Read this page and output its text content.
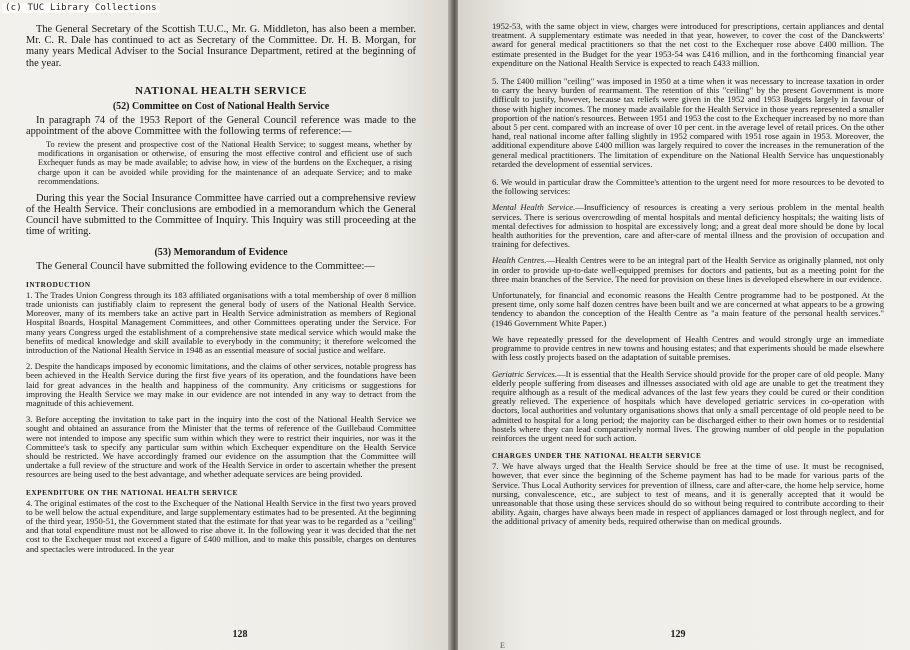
The General Secretary of the Scottish T.U.C., Mr. G. Middleton, has also been a member. Mr. C. R. Dale has continued to act as Secretary of the Committee. Dr. H. B. Morgan, for many years Medical Adviser to the Social Insurance Department, retired at the beginning of the year.

NATIONAL HEALTH SERVICE
(52) Committee on Cost of National Health Service

In paragraph 74 of the 1953 Report of the General Council reference was made to the appointment of the above Committee with the following terms of reference:—

To review the present and prospective cost of the National Health Service; to suggest means, whether by modifications in organisation or otherwise, of ensuring the most effective control and efficient use of such Exchequer funds as may be made available; to advise how, in view of the burdens on the Exchequer, a rising charge upon it can be avoided while providing for the maintenance of an adequate Service; and to make recommendations.

During this year the Social Insurance Committee have carried out a comprehensive review of the Health Service. Their conclusions are embodied in a memorandum which the General Council have submitted to the Committee of Inquiry. This Inquiry was still proceeding at the time of writing.

(53) Memorandum of Evidence

The General Council have submitted the following evidence to the Committee:—

INTRODUCTION

1. The Trades Union Congress through its 183 affiliated organisations with a total membership of over 8 million trade unionists can justifiably claim to represent the general body of users of the National Health Service. Moreover, many of its members take an active part in Health Service administration as members of Regional Hospital Boards, Hospital Management Committees, and other Committees operating under the Service. For many years Congress urged the establishment of a comprehensive state medical service which would make the benefits of medical knowledge and skill available to everybody in the community; it therefore welcomed the introduction of the National Health Service in 1948 as an essential measure of social justice and welfare.

2. Despite the handicaps imposed by economic limitations, and the claims of other services, notable progress has been achieved in the Health Service during the first five years of its operation, and the foundations have been laid for great advances in the health and happiness of the community. Any criticisms or suggestions for improving the Health Service we may make in our evidence are not intended in any way to detract from the magnitude of this achievement.

3. Before accepting the invitation to take part in the inquiry into the cost of the National Health Service we sought and obtained an assurance from the Minister that the terms of reference of the Guillebaud Committee were not intended to impose any specific sum within which they were to restrict their inquiries, nor was it the Committee's task to specify any particular sum within which Exchequer expenditure on the Health Service should be restricted. We have accordingly framed our evidence on the assumption that the Committee will undertake a full review of the structure and work of the Health Service in order to ascertain whether the present resources are being used to the best advantage, and whether adequate services are being provided.

EXPENDITURE ON THE NATIONAL HEALTH SERVICE

4. The original estimates of the cost to the Exchequer of the National Health Service in the first two years proved to be well below the actual expenditure, and large supplementary estimates had to be presented. At the beginning of the third year, 1950-51, the Government stated that the estimate for that year was to be regarded as a "ceiling" and that total expenditure must not be allowed to rise above it. In the following year it was decided that the net cost to the Exchequer must not exceed a figure of £400 million, and to make this possible, charges on dentures and spectacles were introduced. In the year

128

1952-53, with the same object in view, charges were introduced for prescriptions, certain appliances and dental treatment. A supplementary estimate was needed in that year, however, to cover the cost of the Danckwerts' award for general medical practitioners so that the net cost to the Exchequer rose above £400 million. The estimate presented in the Budget for the year 1953-54 was £416 million, and in the forthcoming financial year expenditure on the National Health Service is expected to reach £433 million.

5. The £400 million "ceiling" was imposed in 1950 at a time when it was necessary to increase taxation in order to carry the heavy burden of rearmament. The retention of this "ceiling" by the present Government is more difficult to justify, however, because tax reliefs were given in the 1952 and 1953 Budgets largely in favour of those with higher incomes. The money made available for the Health Service in those years represented a smaller proportion of the nation's resources. Between 1951 and 1953 the cost to the Exchequer increased by no more than about 5 per cent. compared with an increase of over 10 per cent. in the average level of retail prices. On the other hand, real national income after falling slightly in 1952 compared with 1951 rose again in 1953. Moreover, the additional expenditure above £400 million was largely required to cover the increases in the remuneration of the general medical practitioners. The limitation of expenditure on the National Health Service has unquestionably retarded the development of essential services.

6. We would in particular draw the Committee's attention to the urgent need for more resources to be devoted to the following services:

Mental Health Service.—Insufficiency of resources is creating a very serious problem in the mental health services. There is serious overcrowding of mental hospitals and mental deficiency hospitals; the waiting lists of mental defectives for admission to hospital are excessively long; and a great deal more should be done by local health authorities for the prevention, care and after-care of mental illness and the provision of occupation and training for defectives.

Health Centres.—Health Centres were to be an integral part of the Health Service as originally planned, not only in order to provide up-to-date well-equipped premises for doctors and patients, but as a meeting point for the three main branches of the Service. The need for provision on these lines is developed elsewhere in our evidence.

Unfortunately, for financial and economic reasons the Health Centre programme had to be postponed. At the present time, only some half dozen centres have been built and we are concerned at what appears to be a growing tendency to abandon the conception of the Health Centre as "a main feature of the personal health services." (1946 Government White Paper.)

We have repeatedly pressed for the development of Health Centres and would strongly urge an immediate programme to provide centres in new towns and housing estates; and that experiments should be made elsewhere with less costly projects based on the adaptation of suitable premises.

Geriatric Services.—It is essential that the Health Service should provide for the proper care of old people. Many elderly people suffering from diseases and illnesses associated with old age are unable to get the treatment they require although as a result of the medical advances of the last few years they could be cured or their condition greatly relieved. The experience of hospitals which have developed geriatric services in co-operation with doctors, local authorities and voluntary organisations shows that only a small percentage of old people need to be admitted to hospital for a long period; the majority can be discharged either to their own homes or to residential hostels where they can lead comparatively normal lives. The growing number of old people in the population reinforces the urgent need for such action.

CHARGES UNDER THE NATIONAL HEALTH SERVICE

7. We have always urged that the Health Service should be free at the time of use. It must be recognised, however, that ever since the beginning of the Scheme payment has had to be made for various parts of the Service. Thus Local Authority services for prevention of illness, care and after-care, the home help service, home nursing, convalescence, etc., are subject to test of means, and it is generally accepted that it would be unreasonable that those using these services should do so without being required to contribute according to their ability. Again, charges have always been made in respect of appliances damaged or lost through neglect, and for the additional privacy of amenity beds, required otherwise than on medical grounds.

129
E
(c) TUC Library Collections
